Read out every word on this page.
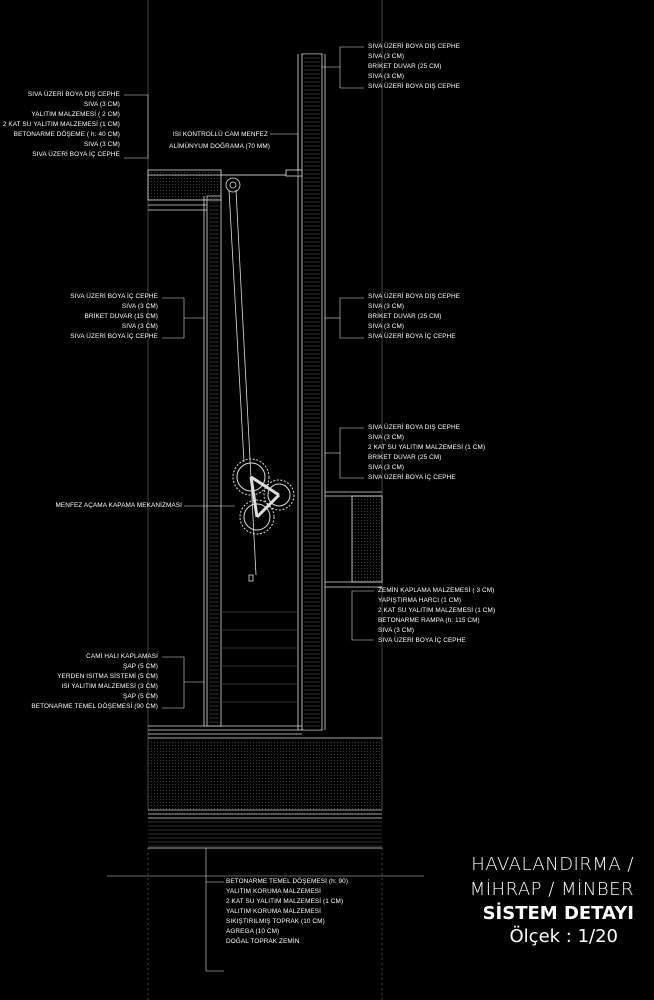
SIVA ÜZERİ BOYA DIŞ CEPHE
SIVA (3 CM)
BRİKET DUVAR (25 CM)
SIVA (3 CM)
SIVA ÜZERİ BOYA DIŞ CEPHE
SIVA ÜZERİ BOYA DIŞ CEPHE
SIVA (3 CM)
YALITIM MALZEMESİ ( 2 CM)
2 KAT SU YALITIM MALZEMESİ (1 CM)
BETONARME DÖŞEME ( h: 40 CM)
SIVA (3 CM)
SIVA ÜZERİ BOYA İÇ CEPHE
ISI KONTROLLÜ CAM MENFEZ
ALİMÜNYUM DOĞRAMA (70 MM)
SIVA ÜZERİ BOYA İÇ CEPHE
SIVA (3 CM)
BRİKET DUVAR (15 CM)
SIVA (3 CM)
SIVA ÜZERİ BOYA İÇ CEPHE
SIVA ÜZERİ BOYA DIŞ CEPHE
SIVA (3 CM)
BRİKET DUVAR (25 CM)
SIVA (3 CM)
SIVA ÜZERİ BOYA İÇ CEPHE
SIVA ÜZERİ BOYA DIŞ CEPHE
SIVA (3 CM)
2 KAT SU YALITIM MALZEMESİ (1 CM)
BRİKET DUVAR (25 CM)
SIVA (3 CM)
SIVA ÜZERİ BOYA İÇ CEPHE
MENFEZ AÇAMA KAPAMA MEKANİZMASI
ZEMİN KAPLAMA MALZEMESİ ( 3 CM)
YAPIŞTIRMA HARCI (1 CM)
2 KAT SU YALITIM MALZEMESİ (1 CM)
BETONARME RAMPA (h: 115 CM)
SIVA (3 CM)
SIVA ÜZERİ BOYA İÇ CEPHE
CAMİ HALI KAPLAMASI
ŞAP (5 CM)
YERDEN ISITMA SİSTEMİ (5 CM)
ISI YALITIM MALZEMESİ (3 CM)
ŞAP (5 CM)
BETONARME TEMEL DÖŞEMESİ (90 CM)
BETONARME TEMEL DÖŞEMESİ (h: 90)
YALITIM KORUMA MALZEMESİ
2 KAT SU YALITIM MALZEMESİ (1 CM)
YALITIM KORUMA MALZEMESİ
SIKIŞTIRILMIŞ TOPRAK (10 CM)
AGREGA (10 CM)
DOĞAL TOPRAK ZEMİN
HAVALANDIRMA /
MİHRAP / MİNBER
SİSTEM DETAYI
Ölçek : 1/20
